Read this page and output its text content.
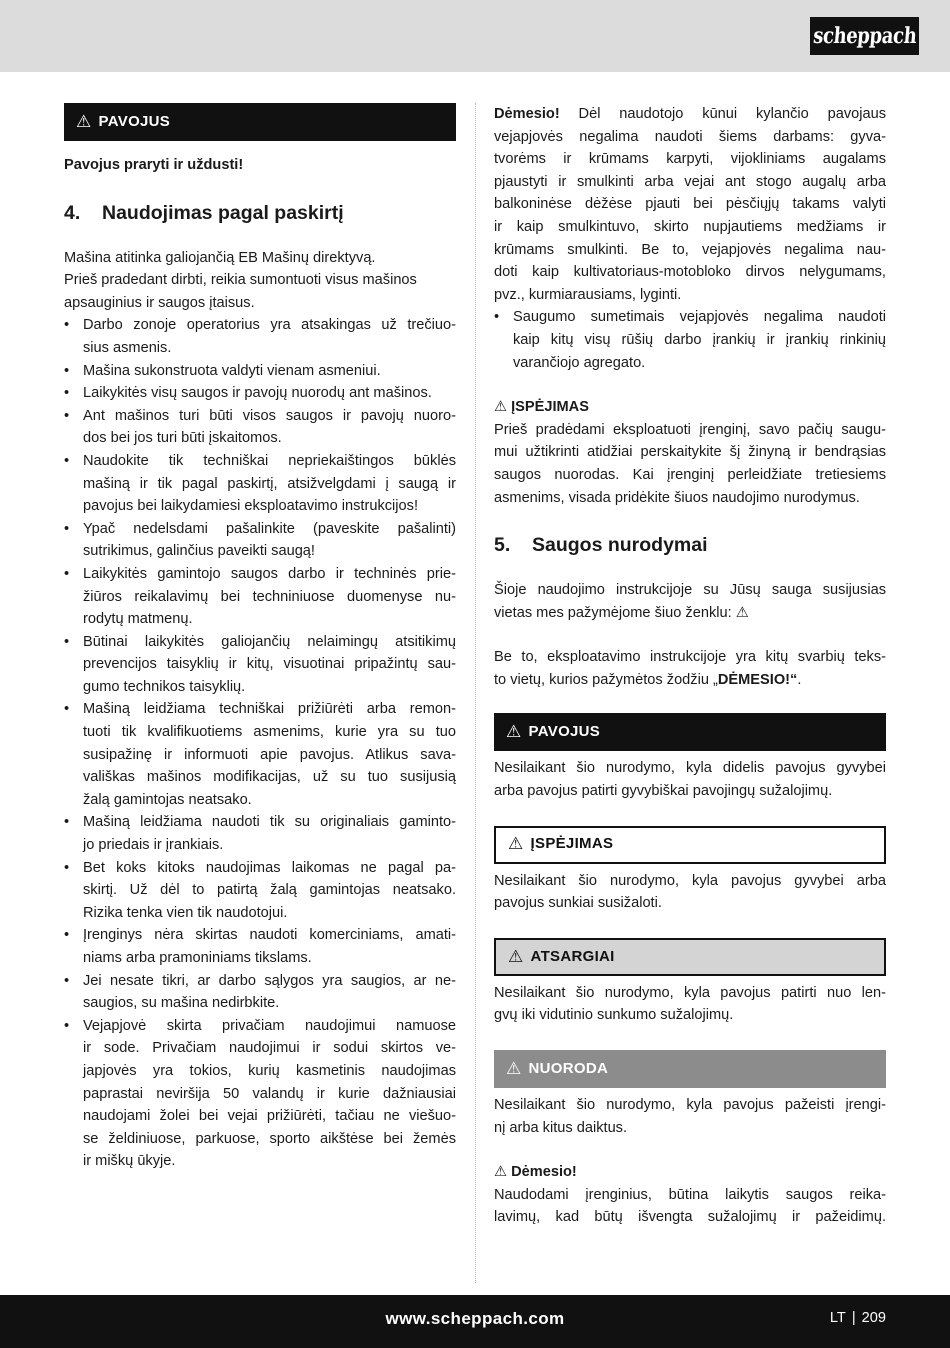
scheppach
⚠ PAVOJUS

Pavojus praryti ir uždusti!

4.	Naudojimas pagal paskirtį

Mašina atitinka galiojančią EB Mašinų direktyvą.

Prieš pradedant dirbti, reikia sumontuoti visus mašinos

apsauginius ir saugos įtaisus.

• Darbo zonoje operatorius yra atsakingas už trečiuo-
sius asmenis.
• Mašina sukonstruota valdyti vienam asmeniui.
• Laikykitės visų saugos ir pavojų nuorodų ant mašinos.
• Ant mašinos turi būti visos saugos ir pavojų nuoro-
dos bei jos turi būti įskaitomos.
• Naudokite tik techniškai nepriekaištingos būklės
mašiną ir tik pagal paskirtį, atsižvelgdami į saugą ir
pavojus bei laikydamiesi eksploatavimo instrukcijos!
• Ypač nedelsdami pašalinkite (paveskite pašalinti)
sutrikimus, galinčius paveikti saugą!
• Laikykitės gamintojo saugos darbo ir techninės prie-
žiūros reikalavimų bei techniniuose duomenyse nu-
rodytų matmenų.
• Būtinai laikykitės galiojančių nelaimingų atsitikimų
prevencijos taisyklių ir kitų, visuotinai pripažintų sau-
gumo technikos taisyklių.
• Mašiną leidžiama techniškai prižiūrėti arba remon-
tuoti tik kvalifikuotiems asmenims, kurie yra su tuo
susipažinę ir informuoti apie pavojus. Atlikus sava-
vališkas mašinos modifikacijas, už su tuo susijusią
žalą gamintojas neatsako.
• Mašiną leidžiama naudoti tik su originaliais gaminto-
jo priedais ir įrankiais.
• Bet koks kitoks naudojimas laikomas ne pagal pa-
skirtį. Už dėl to patirtą žalą gamintojas neatsako.
Rizika tenka vien tik naudotojui.
• Įrenginys nėra skirtas naudoti komerciniams, amati-
niams arba pramoniniams tikslams.
• Jei nesate tikri, ar darbo sąlygos yra saugios, ar ne-
saugios, su mašina nedirbkite.
• Vejapjovė skirta privačiam naudojimui namuose
ir sode. Privačiam naudojimui ir sodui skirtos ve-
japjovės yra tokios, kurių kasmetinis naudojimas
paprastai neviršija 50 valandų ir kurie dažniausiai
naudojami žolei bei vejai prižiūrėti, tačiau ne viešuo-
se želdiniuose, parkuose, sporto aikštėse bei žemės
ir miškų ūkyje.

Dėmesio! Dėl naudotojo kūnui kylančio pavojaus

vejapjovės negalima naudoti šiems darbams: gyva-
tvorėms ir krūmams karpyti, vijokliniams augalams
pjaustyti ir smulkinti arba vejai ant stogo augalų arba
balkoninėse dėžėse pjauti bei pėsčiųjų takams valyti
ir kaip smulkintuvo, skirto nupjautiems medžiams ir
krūmams smulkinti. Be to, vejapjovės negalima nau-
doti kaip kultivatoriaus-motobloko dirvos nelygumams,
pvz., kurmiarausiams, lyginti.
• Saugumo sumetimais vejapjovės negalima naudoti
kaip kitų visų rūšių darbo įrankių ir įrankių rinkinių
varančiojo agregato.
⚠ ĮSPĖJIMAS
Prieš pradėdami eksploatuoti įrenginį, savo pačių saugu-
mui užtikrinti atidžiai perskaitykite šį žinyną ir bendrąsias
saugos nuorodas. Kai įrenginį perleidžiate tretiesiems
asmenims, visada pridėkite šiuos naudojimo nurodymus.
5.	Saugos nurodymai

Šioje naudojimo instrukcijoje su Jūsų sauga susijusias

vietas mes pažymėjome šiuo ženklu: ⚠

Be to, eksploatavimo instrukcijoje yra kitų svarbių teks-

to vietų, kurios pažymėtos žodžiu „DĖMESIO!“.

⚠ PAVOJUS
Nesilaikant šio nurodymo, kyla didelis pavojus gyvybei
arba pavojus patirti gyvybiškai pavojingų sužalojimų.
⚠ ĮSPĖJIMAS
Nesilaikant šio nurodymo, kyla pavojus gyvybei arba
pavojus sunkiai susižaloti.
⚠ ATSARGIAI
Nesilaikant šio nurodymo, kyla pavojus patirti nuo len-
gvų iki vidutinio sunkumo sužalojimų.
⚠ NUORODA
Nesilaikant šio nurodymo, kyla pavojus pažeisti įrengi-
nį arba kitus daiktus.
⚠ Dėmesio!

Naudodami įrenginius, būtina laikytis saugos reika-

lavimų, kad būtų išvengta sužalojimų ir pažeidimų.

www.scheppach.com	LT | 209
